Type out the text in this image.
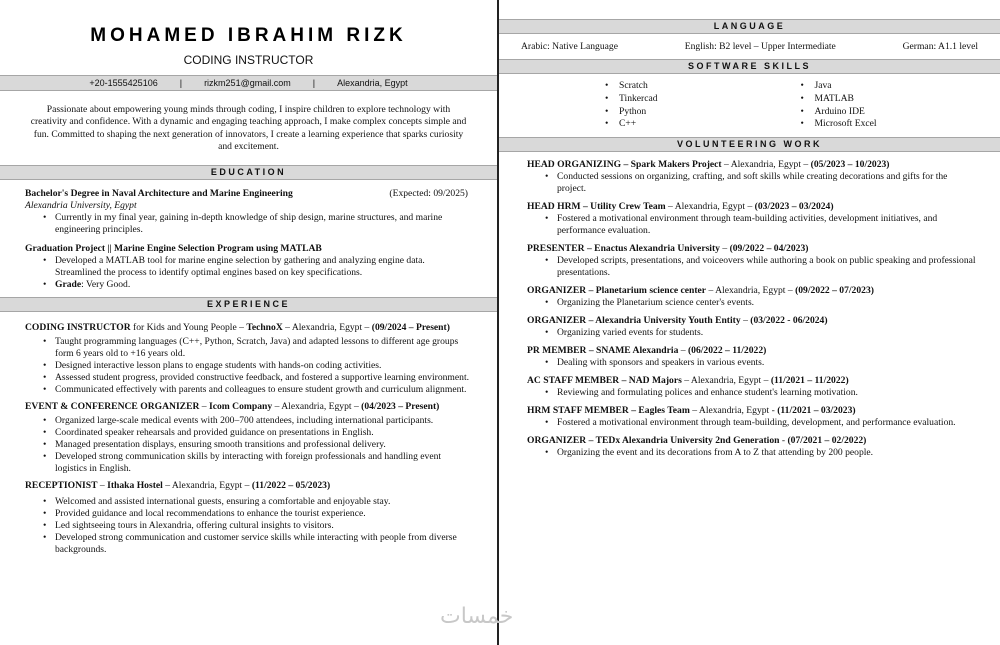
MOHAMED IBRAHIM RIZK
CODING INSTRUCTOR
+20-1555425106 | rizkm251@gmail.com | Alexandria, Egypt
Passionate about empowering young minds through coding, I inspire children to explore technology with creativity and confidence. With a dynamic and engaging teaching approach, I make complex concepts simple and fun. Committed to shaping the next generation of innovators, I create a learning experience that sparks curiosity and excitement.
EDUCATION
Bachelor's Degree in Naval Architecture and Marine Engineering	(Expected: 09/2025)
Alexandria University, Egypt
• Currently in my final year, gaining in-depth knowledge of ship design, marine structures, and marine engineering principles.
Graduation Project || Marine Engine Selection Program using MATLAB
• Developed a MATLAB tool for marine engine selection by gathering and analyzing engine data. Streamlined the process to identify optimal engines based on key specifications.
• Grade: Very Good.
EXPERIENCE
CODING INSTRUCTOR for Kids and Young People – TechnoX – Alexandria, Egypt – (09/2024 – Present)
• Taught programming languages (C++, Python, Scratch, Java) and adapted lessons to different age groups form 6 years old to +16 years old.
• Designed interactive lesson plans to engage students with hands-on coding activities.
• Assessed student progress, provided constructive feedback, and fostered a supportive learning environment.
• Communicated effectively with parents and colleagues to ensure student growth and curriculum alignment.
EVENT & CONFERENCE ORGANIZER – Icom Company – Alexandria, Egypt – (04/2023 – Present)
• Organized large-scale medical events with 200–700 attendees, including international participants.
• Coordinated speaker rehearsals and provided guidance on presentations in English.
• Managed presentation displays, ensuring smooth transitions and professional delivery.
• Developed strong communication skills by interacting with foreign professionals and handling event logistics in English.
RECEPTIONIST – Ithaka Hostel – Alexandria, Egypt – (11/2022 – 05/2023)
• Welcomed and assisted international guests, ensuring a comfortable and enjoyable stay.
• Provided guidance and local recommendations to enhance the tourist experience.
• Led sightseeing tours in Alexandria, offering cultural insights to visitors.
• Developed strong communication and customer service skills while interacting with people from diverse backgrounds.
LANGUAGE
Arabic: Native Language	English: B2 level – Upper Intermediate	German: A1.1 level
SOFTWARE SKILLS
• Scratch
• Tinkercad
• Python
• C++
• Java
• MATLAB
• Arduino IDE
• Microsoft Excel
VOLUNTEERING WORK
HEAD ORGANIZING – Spark Makers Project – Alexandria, Egypt – (05/2023 – 10/2023)
• Conducted sessions on organizing, crafting, and soft skills while creating decorations and gifts for the project.
HEAD HRM – Utility Crew Team – Alexandria, Egypt – (03/2023 – 03/2024)
• Fostered a motivational environment through team-building activities, development initiatives, and performance evaluation.
PRESENTER – Enactus Alexandria University – (09/2022 – 04/2023)
• Developed scripts, presentations, and voiceovers while authoring a book on public speaking and professional presentations.
ORGANIZER – Planetarium science center – Alexandria, Egypt – (09/2022 – 07/2023)
• Organizing the Planetarium science center's events.
ORGANIZER – Alexandria University Youth Entity – (03/2022 - 06/2024)
• Organizing varied events for students.
PR MEMBER – SNAME Alexandria – (06/2022 – 11/2022)
• Dealing with sponsors and speakers in various events.
AC STAFF MEMBER – NAD Majors – Alexandria, Egypt – (11/2021 – 11/2022)
• Reviewing and formulating polices and enhance student's learning motivation.
HRM STAFF MEMBER – Eagles Team – Alexandria, Egypt - (11/2021 – 03/2023)
• Fostered a motivational environment through team-building, development, and performance evaluation.
ORGANIZER – TEDx Alexandria University 2nd Generation - (07/2021 – 02/2022)
• Organizing the event and its decorations from A to Z that attending by 200 people.
خمسات
